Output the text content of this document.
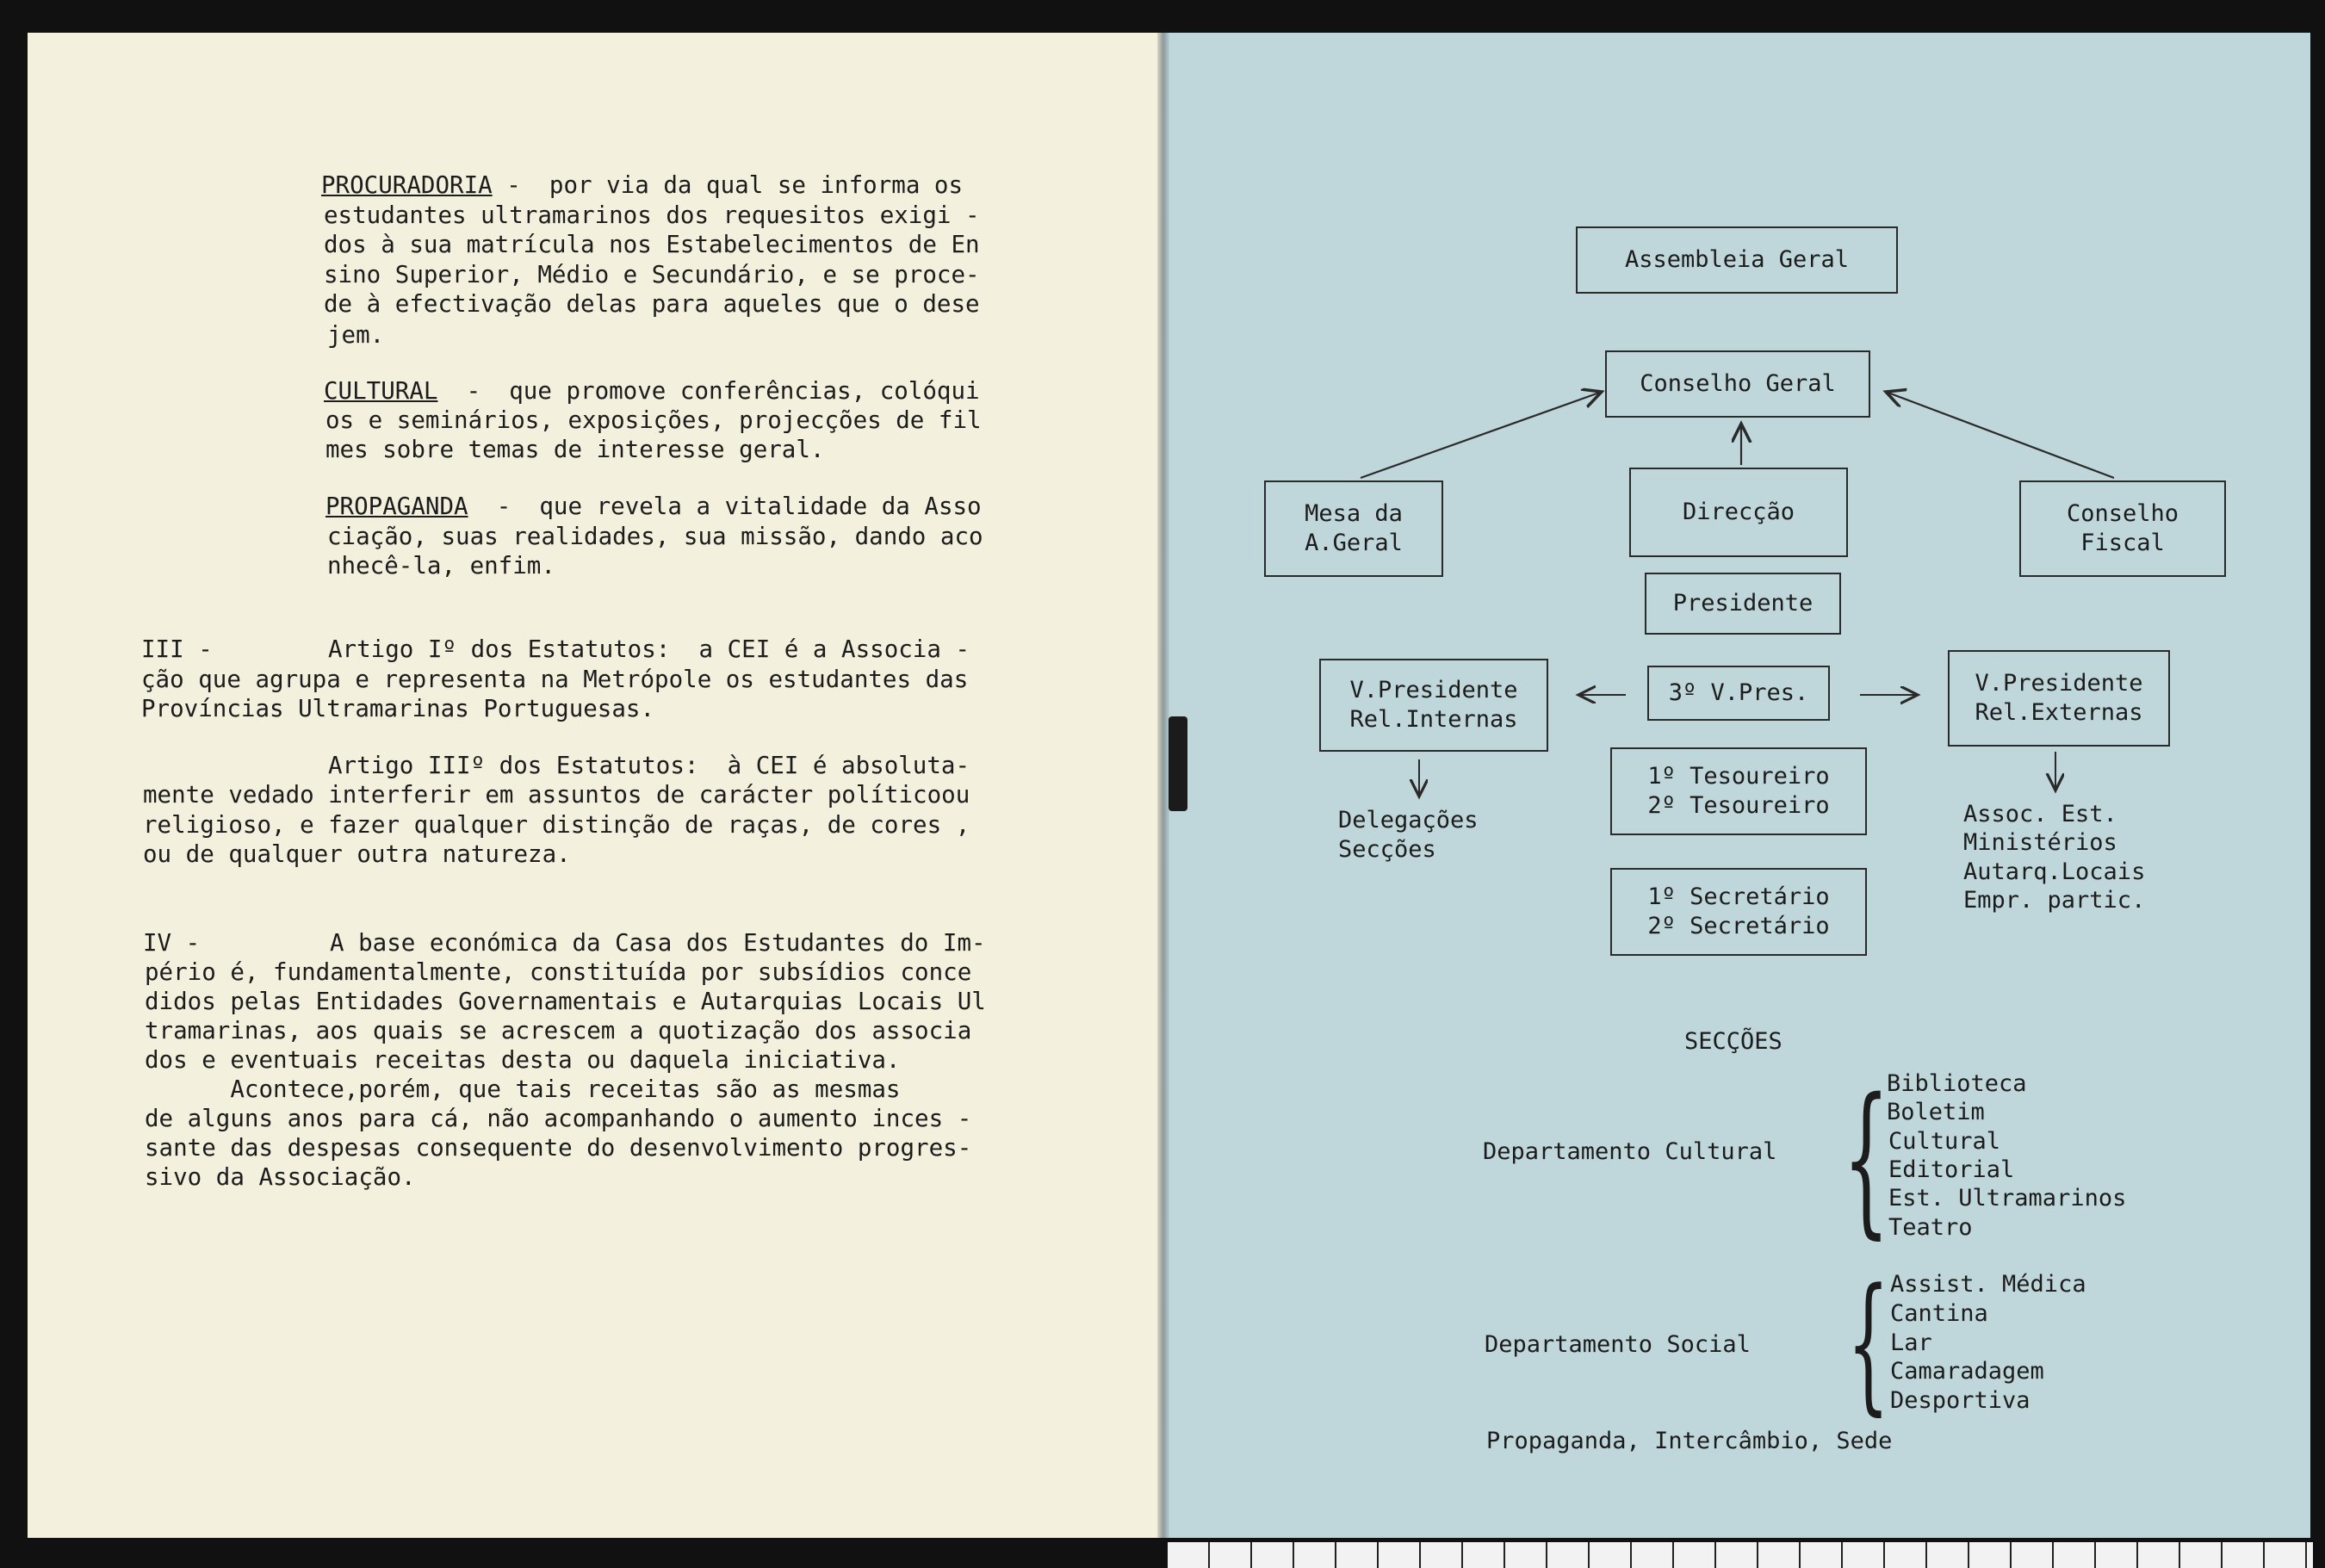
PROCURADORIA -  por via da qual se informa os
estudantes ultramarinos dos requesitos exigi -
dos à sua matrícula nos Estabelecimentos de En
sino Superior, Médio e Secundário, e se proce-
de à efectivação delas para aqueles que o dese
jem.
CULTURAL  -  que promove conferências, colóqui
os e seminários, exposições, projecções de fil
mes sobre temas de interesse geral.
PROPAGANDA  -  que revela a vitalidade da Asso
ciação, suas realidades, sua missão, dando aco
nhecê-la, enfim.
III -	Artigo Iº dos Estatutos:  a CEI é a Associa -
ção que agrupa e representa na Metrópole os estudantes das
Províncias Ultramarinas Portuguesas.
Artigo IIIº dos Estatutos:  à CEI é absoluta-
mente vedado interferir em assuntos de carácter políticoou
religioso, e fazer qualquer distinção de raças, de cores ,
ou de qualquer outra natureza.
IV -	A base económica da Casa dos Estudantes do Im-
pério é, fundamentalmente, constituída por subsídios conce
didos pelas Entidades Governamentais e Autarquias Locais Ul
tramarinas, aos quais se acrescem a quotização dos associa
dos e eventuais receitas desta ou daquela iniciativa.
Acontece,porém, que tais receitas são as mesmas
de alguns anos para cá, não acompanhando o aumento inces -
sante das despesas consequente do desenvolvimento progres-
sivo da Associação.
Assembleia Geral
Conselho Geral
Mesa da
A.Geral
Direcção	Conselho
Fiscal
Presidente
V.Presidente
Rel.Internas
3º V.Pres.	V.Presidente
Rel.Externas
1º Tesoureiro
2º Tesoureiro
1º Secretário
2º Secretário
Delegações
Secções
Assoc. Est.
Ministérios
Autarq.Locais
Empr. partic.
SECÇÕES
Departamento Cultural {
Biblioteca
Boletim
Cultural
Editorial
Est. Ultramarinos
Teatro
Departamento Social { Assist. Médica
Cantina
Lar
Camaradagem
Desportiva
Propaganda, Intercâmbio, Sede
